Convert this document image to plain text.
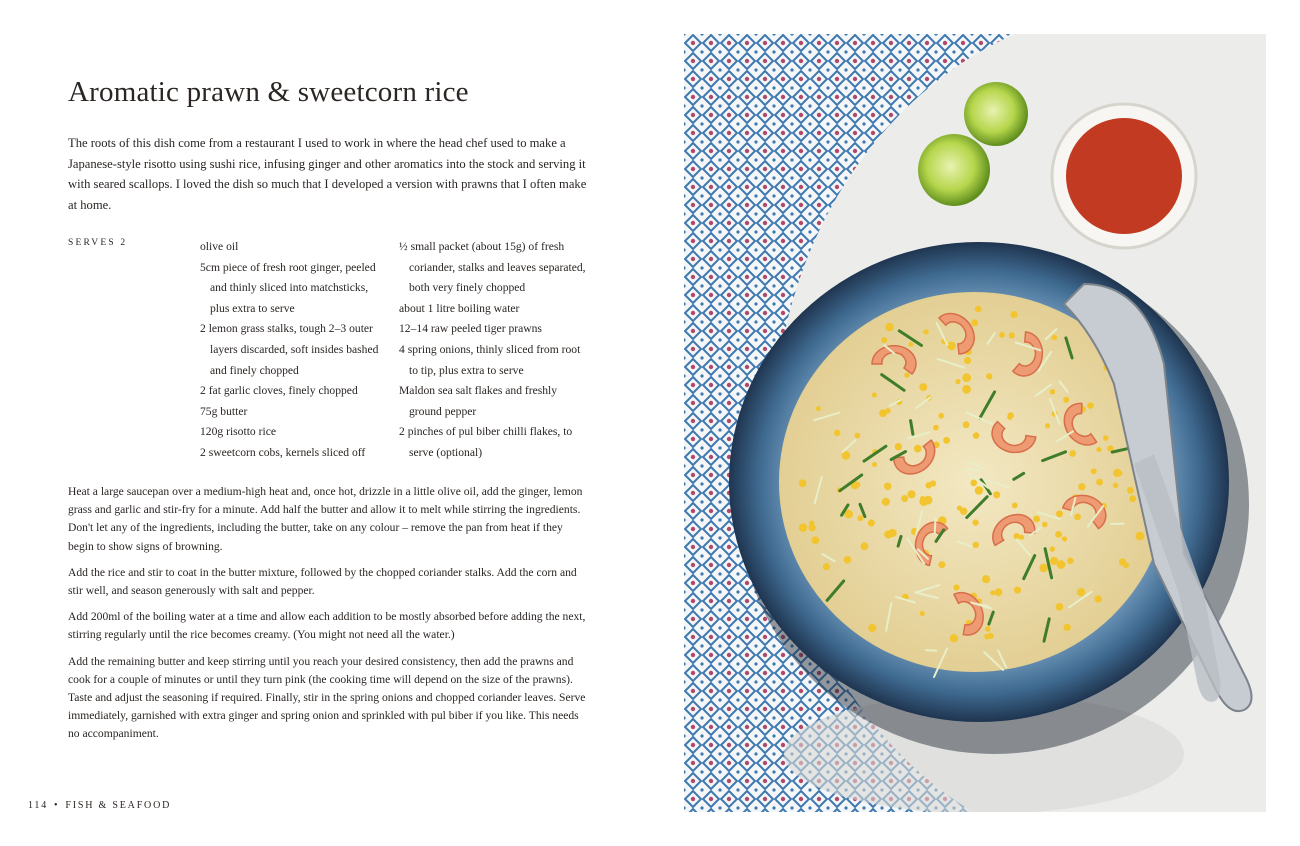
Aromatic prawn & sweetcorn rice

The roots of this dish come from a restaurant I used to work in where the head chef used to make a Japanese-style risotto using sushi rice, infusing ginger and other aromatics into the stock and serving it with seared scallops. I loved the dish so much that I developed a version with prawns that I often make at home.

SERVES 2	olive oil
5cm piece of fresh root ginger, peeled and thinly sliced into matchsticks, plus extra to serve
2 lemon grass stalks, tough 2–3 outer layers discarded, soft insides bashed and finely chopped
2 fat garlic cloves, finely chopped
75g butter
120g risotto rice
2 sweetcorn cobs, kernels sliced off
½ small packet (about 15g) of fresh coriander, stalks and leaves separated, both very finely chopped
about 1 litre boiling water
12–14 raw peeled tiger prawns
4 spring onions, thinly sliced from root to tip, plus extra to serve
Maldon sea salt flakes and freshly ground pepper
2 pinches of pul biber chilli flakes, to serve (optional)

Heat a large saucepan over a medium-high heat and, once hot, drizzle in a little olive oil, add the ginger, lemon grass and garlic and stir-fry for a minute. Add half the butter and allow it to melt while stirring the ingredients. Don't let any of the ingredients, including the butter, take on any colour – remove the pan from heat if they begin to show signs of browning.

Add the rice and stir to coat in the butter mixture, followed by the chopped coriander stalks. Add the corn and stir well, and season generously with salt and pepper.

Add 200ml of the boiling water at a time and allow each addition to be mostly absorbed before adding the next, stirring regularly until the rice becomes creamy. (You might not need all the water.)

Add the remaining butter and keep stirring until you reach your desired consistency, then add the prawns and cook for a couple of minutes or until they turn pink (the cooking time will depend on the size of the prawns). Taste and adjust the seasoning if required. Finally, stir in the spring onions and chopped coriander leaves. Serve immediately, garnished with extra ginger and spring onion and sprinkled with pul biber if you like. This needs no accompaniment.

114 • FISH & SEAFOOD
